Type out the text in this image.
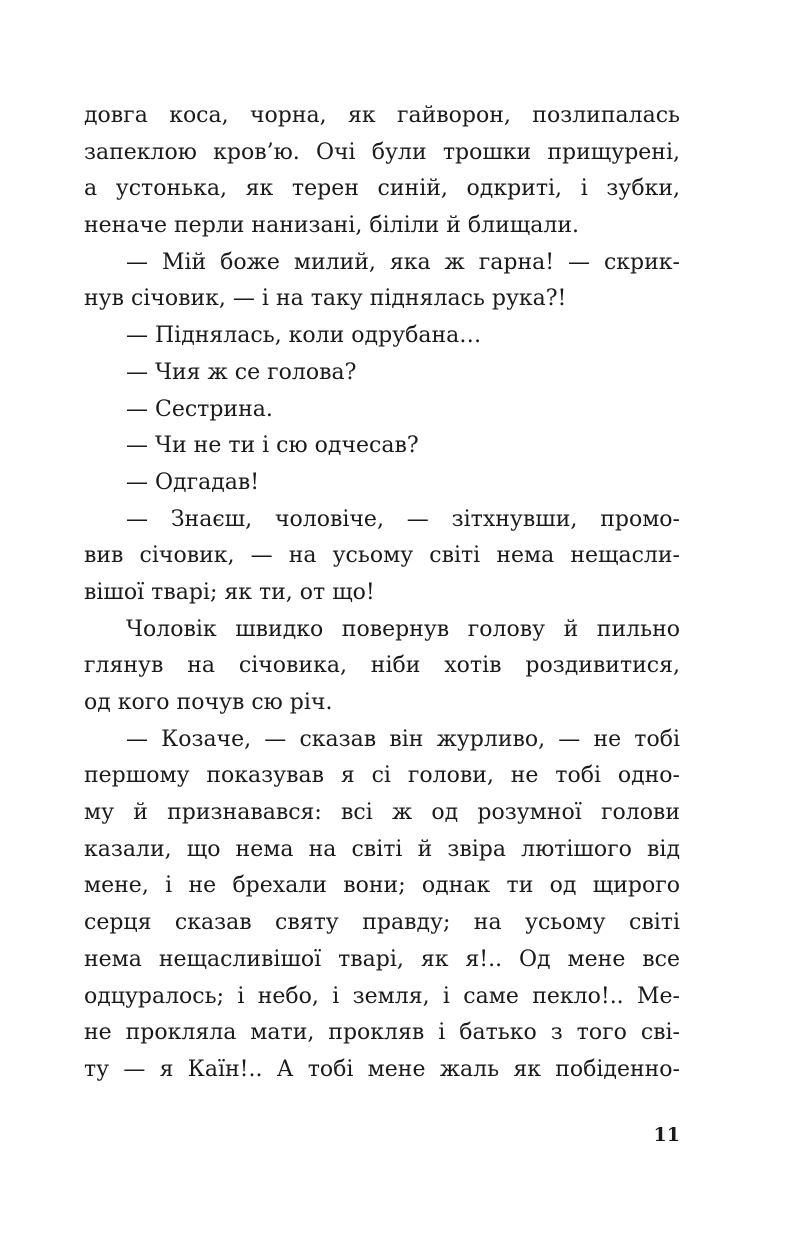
довга коса, чорна, як гайворон, позлипалась
запеклою кров’ю. Очі були трошки прищурені,
а устонька, як терен синій, одкриті, і зубки,
неначе перли нанизані, біліли й блищали.
— Мій боже милий, яка ж гарна! — скрик-
нув січовик, — і на таку піднялась рука?!
— Піднялась, коли одрубана…
— Чия ж се голова?
— Сестрина.
— Чи не ти і сю одчесав?
— Одгадав!
— Знаєш, чоловіче, — зітхнувши, промо-
вив січовик, — на усьому світі нема нещасли-
вішої тварі; як ти, от що!
Чоловік швидко повернув голову й пильно
глянув на січовика, ніби хотів роздивитися,
од кого почув сю річ.
— Козаче, — сказав він журливо, — не тобі
першому показував я сі голови, не тобі одно-
му й признавався: всі ж од розумної голови
казали, що нема на світі й звіра лютішого від
мене, і не брехали вони; однак ти од щирого
серця сказав святу правду; на усьому світі
нема нещасливішої тварі, як я!.. Од мене все
одцуралось; і небо, і земля, і саме пекло!.. Ме-
не прокляла мати, прокляв і батько з того сві-
ту — я Каїн!.. А тобі мене жаль як побіденно-
11
